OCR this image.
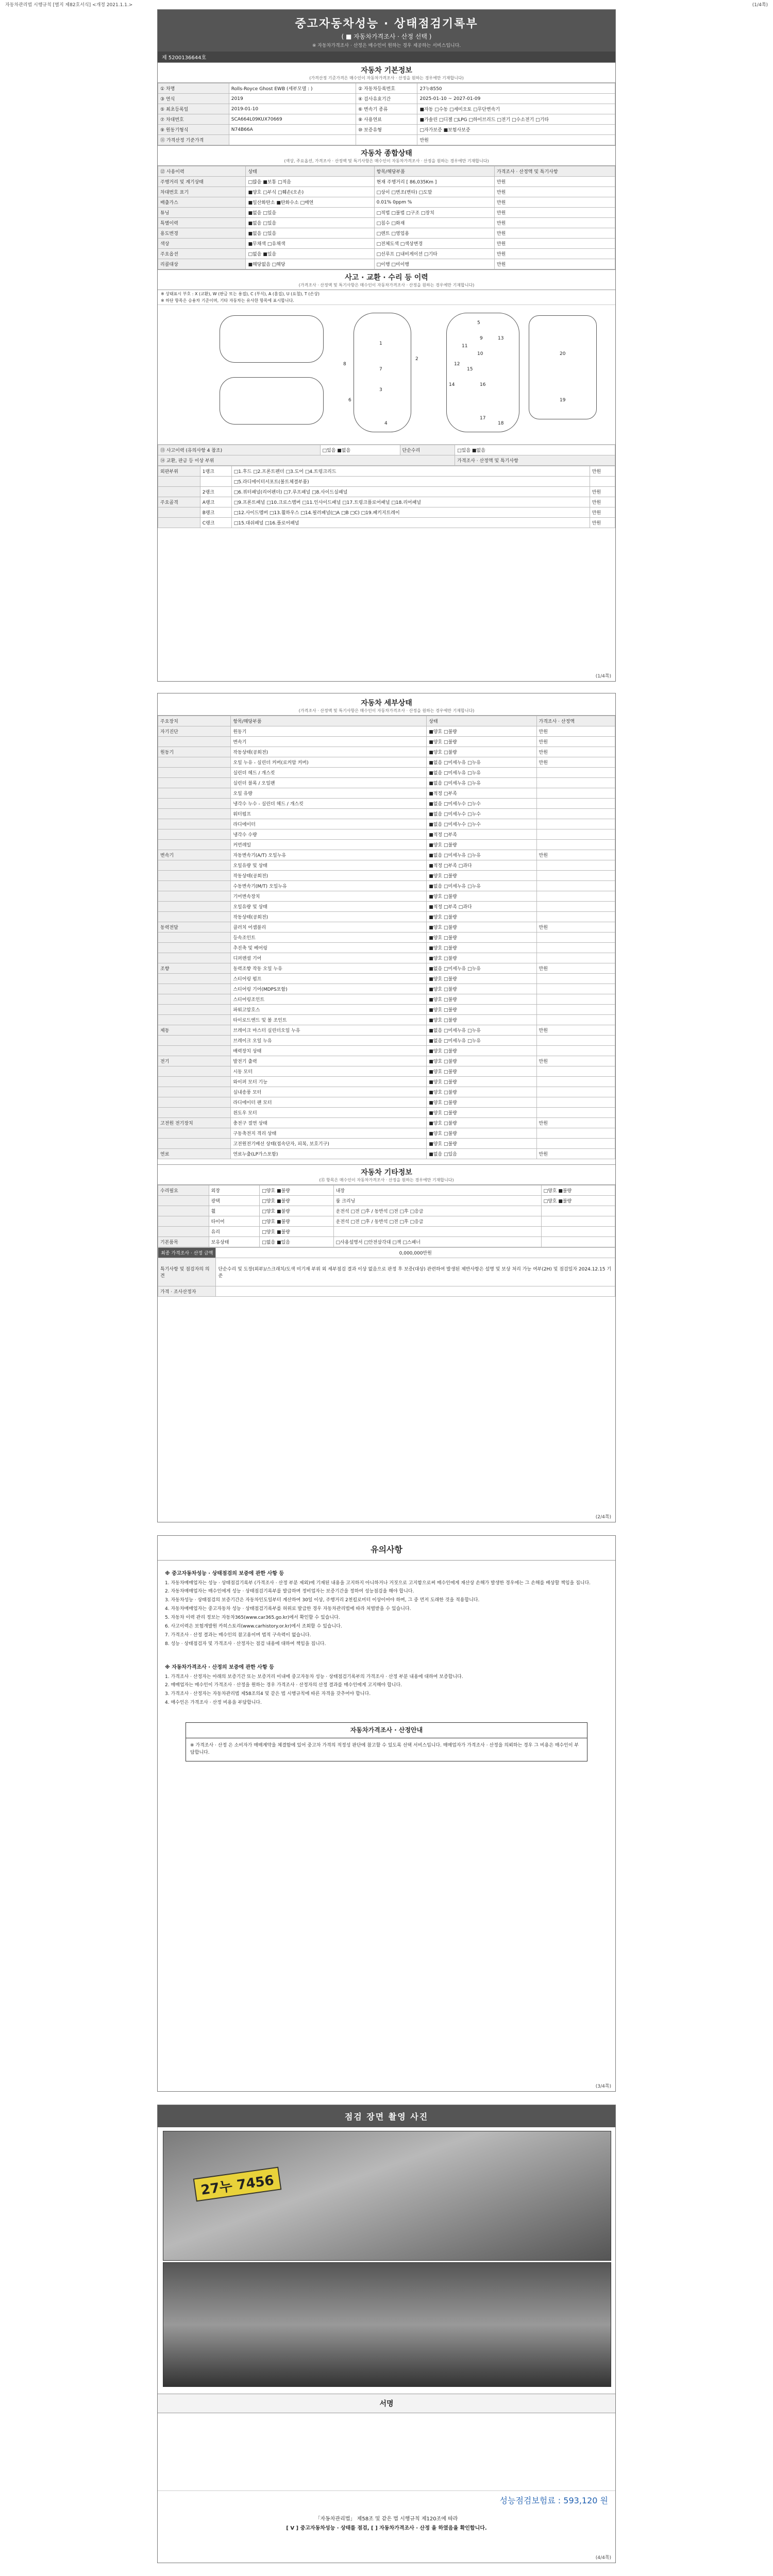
자동차관리법 시행규칙 [별지 제82호서식] <개정 2021.1.1.>	(1/4쪽)
중고자동차성능 · 상태점검기록부
( ■ 자동차가격조사 · 산정 선택 )
※ 자동차가격조사 · 산정은 매수인이 원하는 경우 제공하는 서비스입니다.
제 5200136644호
자동차 기본정보
(가격산정 기준가격은 매수인이 자동차가격조사 · 산정을 원하는 경우에만 기재합니다)
① 차명	Rolls-Royce Ghost EWB (세부모델 : )	② 자동차등록번호	27누8550
③ 연식	2019	④ 검사유효기간	2025-01-10 ~ 2027-01-09
⑤ 최초등록일	2019-01-10	⑥ 변속기 종류	■자동 □수동 □세미오토 □무단변속기
⑦ 차대번호	SCA664L09KUX70669	⑧ 사용연료	■가솔린 □디젤 □LPG □하이브리드 □전기 □수소전기 □기타
⑨ 원동기형식	N74B66A	⑩ 보증유형	□자가보증 ■보험사보증
⑪ 가격산정 기준가격			만원
자동차 종합상태
(색상, 주요옵션, 가격조사 · 산정액 및 특기사항은 매수인이 자동차가격조사 · 산정을 원하는 경우에만 기재합니다)
⑫ 사용이력	상태	항목/해당부품	가격조사 · 산정액 및 특기사항
주행거리 및 계기상태	□많음 ■보통 □적음	현재 주행거리 [ 86,035Km ]	만원
차대번호 표기	■양호 □부식 □훼손(오손)	□상이 □변조(변타) □도말	만원
배출가스	■일산화탄소 ■탄화수소 □매연	0.01% 0ppm %	만원
튜닝	■없음 □있음	□적법 □불법 □구조 □장치	만원
특별이력	■없음 □있음	□침수 □화재	만원
용도변경	■없음 □있음	□렌트 □영업용	만원
색상	■무채색 □유채색	□전체도색 □색상변경	만원
주요옵션	□없음 ■있음	□선루프 □내비게이션 □기타	만원
리콜대상	■해당없음 □해당	□이행 □미이행	만원
사고 · 교환 · 수리 등 이력
(가격조사 · 산정액 및 특기사항은 매수인이 자동차가격조사 · 산정을 원하는 경우에만 기재합니다)
※ 상태표시 부호 : X (교환), W (판금 또는 용접), C (부식), A (흠집), U (요철), T (손상)
※ 하단 항목은 승용차 기준이며, 기타 자동차는 유사한 항목에 표시합니다.
1
2
3
4
5
6
7
8
9
10
11
12
13
14
15
16
17
18
19
20
⑬ 사고이력 (유의사항 4 참조)	□있음 ■없음	단순수리	□있음 ■없음
⑭ 교환, 판금 등 이상 부위			가격조사 · 산정액 및 특기사항
외판부위	1랭크	□1.후드 □2.프론트펜더 □3.도어 □4.트렁크리드	만원
		□5.라디에이터서포트(볼트체결부품)	
	2랭크	□6.쿼터패널(리어펜더) □7.루프패널 □8.사이드실패널	만원
주요골격	A랭크	□9.프론트패널 □10.크로스멤버 □11.인사이드패널 □17.트렁크플로어패널 □18.리어패널	만원
	B랭크	□12.사이드멤버 □13.휠하우스 □14.필러패널(□A □B □C) □19.패키지트레이	만원
	C랭크	□15.대쉬패널 □16.플로어패널	만원
(1/4쪽)
자동차 세부상태
(가격조사 · 산정액 및 특기사항은 매수인이 자동차가격조사 · 산정을 원하는 경우에만 기재합니다)
주요장치	항목/해당부품	상태	가격조사 · 산정액
자기진단	원동기	■양호 □불량	만원
	변속기	■양호 □불량	만원
원동기	작동상태(공회전)	■양호 □불량	만원
	오일 누유 - 실린더 커버(로커암 커버)	■없음 □미세누유 □누유	만원
	실린더 헤드 / 개스킷	■없음 □미세누유 □누유	
	실린더 블록 / 오일팬	■없음 □미세누유 □누유	
	오일 유량	■적정 □부족	
	냉각수 누수 - 실린더 헤드 / 개스킷	■없음 □미세누수 □누수	
	워터펌프	■없음 □미세누수 □누수	
	라디에이터	■없음 □미세누수 □누수	
	냉각수 수량	■적정 □부족	
	커먼레일	■양호 □불량	
변속기	자동변속기(A/T) 오일누유	■없음 □미세누유 □누유	만원
	오일유량 및 상태	■적정 □부족 □과다	
	작동상태(공회전)	■양호 □불량	
	수동변속기(M/T) 오일누유	■없음 □미세누유 □누유	
	기어변속장치	■양호 □불량	
	오일유량 및 상태	■적정 □부족 □과다	
	작동상태(공회전)	■양호 □불량	
동력전달	클러치 어셈블리	■양호 □불량	만원
	등속조인트	■양호 □불량	
	추진축 및 베어링	■양호 □불량	
	디퍼렌셜 기어	■양호 □불량	
조향	동력조향 작동 오일 누유	■없음 □미세누유 □누유	만원
	스티어링 펌프	■양호 □불량	
	스티어링 기어(MDPS포함)	■양호 □불량	
	스티어링조인트	■양호 □불량	
	파워고압호스	■양호 □불량	
	타이로드엔드 및 볼 조인트	■양호 □불량	
제동	브레이크 마스터 실린더오일 누유	■없음 □미세누유 □누유	만원
	브레이크 오일 누유	■없음 □미세누유 □누유	
	배력장치 상태	■양호 □불량	
전기	발전기 출력	■양호 □불량	만원
	시동 모터	■양호 □불량	
	와이퍼 모터 기능	■양호 □불량	
	실내송풍 모터	■양호 □불량	
	라디에이터 팬 모터	■양호 □불량	
	윈도우 모터	■양호 □불량	
고전원 전기장치	충전구 절연 상태	■양호 □불량	만원
	구동축전지 격리 상태	■양호 □불량	
	고전원전기배선 상태(접속단자, 피복, 보호기구)	■양호 □불량	
연료	연료누출(LP가스포함)	■없음 □있음	만원
자동차 기타정보
(⑮ 항목은 매수인이 자동차가격조사 · 산정을 원하는 경우에만 기재합니다)
수리필요	외장	□양호 ■불량	내장	□양호 ■불량
	광택	□양호 ■불량	룸 크리닝	□양호 ■불량
	휠	□양호 ■불량	운전석 □전 □후 / 동반석 □전 □후 □응급	
	타이어	□양호 ■불량	운전석 □전 □후 / 동반석 □전 □후 □응급	
	유리	□양호 ■불량		
기본품목	보유상태	□없음 ■있음	□사용설명서 □안전삼각대 □잭 □스패너	
최종 가격조사 · 산정 금액	0,000,000만원
특기사항 및 점검자의 의견	단순수리 및 도장(외부)/스크래치/도색 미기재 부위 외 세부점검 결과 이상 없음으로 판정 후 보증(대상) 관련하여 발생된 제반사항은 설명 및 보상 처리 가능 여부(2H) 및 점검일자 2024.12.15 기준
가격 · 조사산정자	
(2/4쪽)
유의사항
※ 중고자동차성능 · 상태점검의 보증에 관한 사항 등

1. 자동차매매업자는 성능 · 상태점검기록부 (가격조사 · 산정 부분 제외)에 기재된 내용을 고지하지 아니하거나 거짓으로 고지함으로써 매수인에게 재산상 손해가 발생한 경우에는 그 손해를 배상할 책임을 집니다.

2. 자동차매매업자는 매수인에게 성능 · 상태점검기록부를 발급하며 정비업자는 보증기간을 정하여 성능점검을 해야 합니다.

3. 자동차성능 · 상태점검의 보증기간은 자동차인도일부터 계산하여 30일 이상, 주행거리 2천킬로미터 이상이어야 하며, 그 중 먼저 도래한 것을 적용합니다.

4. 자동차매매업자는 중고자동차 성능 · 상태점검기록부를 허위로 발급한 경우 자동차관리법에 따라 처벌받을 수 있습니다.

5. 자동차 이력 관리 정보는 자동차365(www.car365.go.kr)에서 확인할 수 있습니다.

6. 사고이력은 보험개발원 카히스토리(www.carhistory.or.kr)에서 조회할 수 있습니다.

7. 가격조사 · 산정 결과는 매수인의 참고용이며 법적 구속력이 없습니다.

8. 성능 · 상태점검자 및 가격조사 · 산정자는 점검 내용에 대하여 책임을 집니다.

※ 자동차가격조사 · 산정의 보증에 관한 사항 등

1. 가격조사 · 산정자는 아래의 보증기간 또는 보증거리 이내에 중고자동차 성능 · 상태점검기록부의 가격조사 · 산정 부분 내용에 대하여 보증합니다.

2. 매매업자는 매수인이 가격조사 · 산정을 원하는 경우 가격조사 · 산정자의 산정 결과를 매수인에게 고지해야 합니다.

3. 가격조사 · 산정자는 자동차관리법 제58조의4 및 같은 법 시행규칙에 따른 자격을 갖추어야 합니다.

4. 매수인은 가격조사 · 산정 비용을 부담합니다.

자동차가격조사 · 산정안내
※ 가격조사 · 산정 은 소비자가 매매계약을 체결함에 있어 중고차 가격의 적정성 판단에 참고할 수 있도록 선택 서비스입니다. 매매업자가 가격조사 · 산정을 의뢰하는 경우 그 비용은 매수인이 부담합니다.
(3/4쪽)
점검 장면 촬영 사진
27누 7456
서명
성능점검보험료 : 593,120 원
「자동차관리법」 제58조 및 같은 법 시행규칙 제120조에 따라
[ V ] 중고자동차성능 · 상태를 점검, [ ] 자동차가격조사 · 산정 을 하였음을 확인합니다.
(4/4쪽)
